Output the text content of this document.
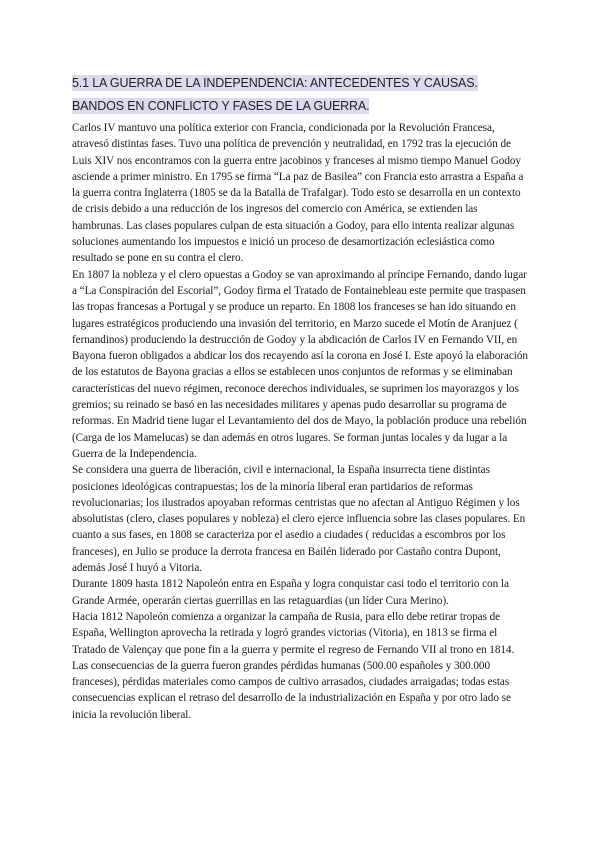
5.1 LA GUERRA DE LA INDEPENDENCIA: ANTECEDENTES Y CAUSAS. BANDOS EN CONFLICTO Y FASES DE LA GUERRA.

Carlos IV mantuvo una política exterior con Francia, condicionada por la Revolución Francesa, atravesó distintas fases. Tuvo una política de prevención y neutralidad, en 1792 tras la ejecución de Luis XIV nos encontramos con la guerra entre jacobinos y franceses al mismo tiempo Manuel Godoy asciende a primer ministro. En 1795 se firma “La paz de Basilea” con Francia esto arrastra a España a la guerra contra Inglaterra (1805 se da la Batalla de Trafalgar). Todo esto se desarrolla en un contexto de crisis debido a una reducción de los ingresos del comercio con América, se extienden las hambrunas. Las clases populares culpan de esta situación a Godoy, para ello intenta realizar algunas soluciones aumentando los impuestos e inició un proceso de desamortización eclesiástica como resultado se pone en su contra el clero.

En 1807 la nobleza y el clero opuestas a Godoy se van aproximando al príncipe Fernando, dando lugar a “La Conspiración del Escorial”, Godoy firma el Tratado de Fontainebleau este permite que traspasen las tropas francesas a Portugal y se produce un reparto. En 1808 los franceses se han ido situando en lugares estratégicos produciendo una invasión del territorio, en Marzo sucede el Motín de Aranjuez ( fernandinos) produciendo la destrucción de Godoy y la abdicación de Carlos IV en Fernando VII, en Bayona fueron obligados a abdicar los dos recayendo así la corona en José I. Este apoyó la elaboración de los estatutos de Bayona gracias a ellos se establecen unos conjuntos de reformas y se eliminaban características del nuevo régimen, reconoce derechos individuales, se suprimen los mayorazgos y los gremios; su reinado se basó en las necesidades militares y apenas pudo desarrollar su programa de reformas. En Madrid tiene lugar el Levantamiento del dos de Mayo, la población produce una rebelión (Carga de los Mamelucas) se dan además en otros lugares. Se forman juntas locales y da lugar a la Guerra de la Independencia.

Se considera una guerra de liberación, civil e internacional, la España insurrecta tiene distintas posiciones ideológicas contrapuestas; los de la minoría liberal eran partidarios de reformas revolucionarias; los ilustrados apoyaban reformas centristas que no afectan al Antiguo Régimen y los absolutistas (clero, clases populares y nobleza) el clero ejerce influencia sobre las clases populares. En cuanto a sus fases, en 1808 se caracteriza por el asedio a ciudades ( reducidas a escombros por los franceses), en Julio se produce la derrota francesa en Bailén liderado por Castaño contra Dupont, además José I huyó a Vitoria.

Durante 1809 hasta 1812 Napoleón entra en España y logra conquistar casi todo el territorio con la Grande Armée, operarán ciertas guerrillas en las retaguardias (un líder Cura Merino).

Hacia 1812 Napoleón comienza a organizar la campaña de Rusia, para ello debe retirar tropas de España, Wellington aprovecha la retirada y logró grandes victorias (Vitoria), en 1813 se firma el Tratado de Valençay que pone fin a la guerra y permite el regreso de Fernando VII al trono en 1814.

Las consecuencias de la guerra fueron grandes pérdidas humanas (500.00 españoles y 300.000 franceses), pérdidas materiales como campos de cultivo arrasados, ciudades arraigadas; todas estas consecuencias explican el retraso del desarrollo de la industrialización en España y por otro lado se inicia la revolución liberal.
